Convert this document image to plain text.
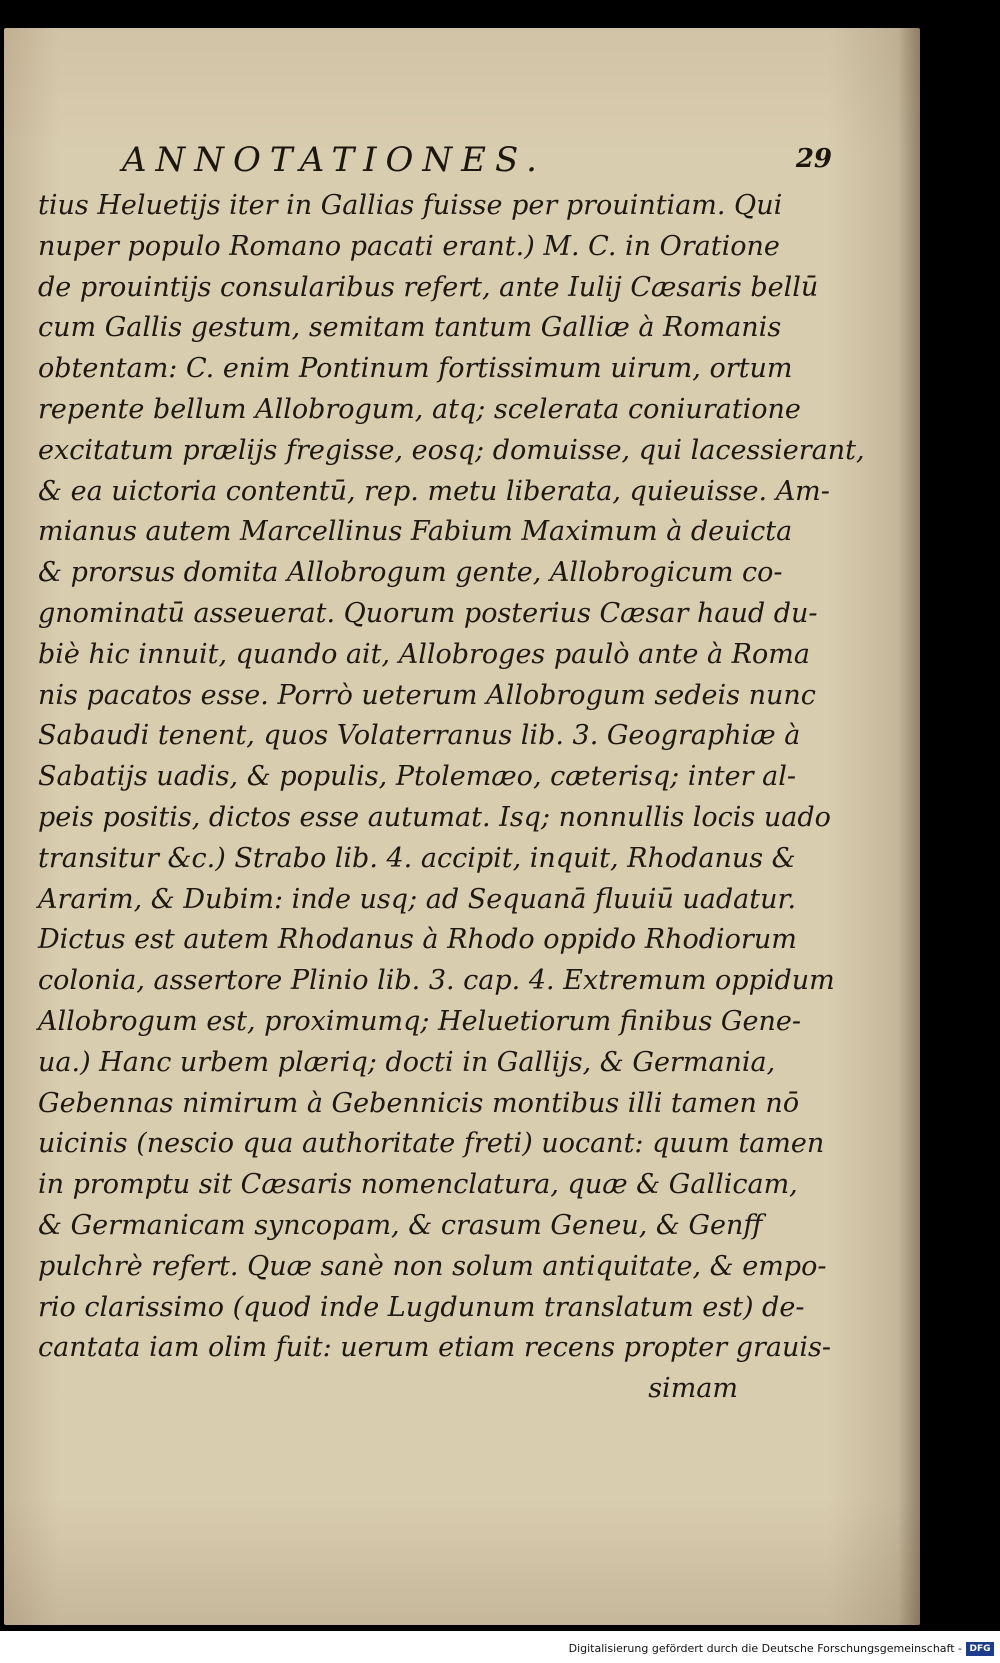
ANNOTATIONES.	29
tius Heluetijs iter in Gallias fuisse per prouintiam. Qui
nuper populo Romano pacati erant.) M. C. in Oratione
de prouintijs consularibus refert, ante Iulij Cæsaris bellū
cum Gallis gestum, semitam tantum Galliæ à Romanis
obtentam: C. enim Pontinum fortissimum uirum, ortum
repente bellum Allobrogum, atq; sceleratа coniuratione
excitatum prælijs fregisse, eosq; domuisse, qui lacessierant,
& ea uictoria contentū, rep. metu liberata, quieuisse. Am-
mianus autem Marcellinus Fabium Maximum à deuicta
& prorsus domita Allobrogum gente, Allobrogicum co-
gnominatū asseuerat. Quorum posterius Cæsar haud du-
biè hic innuit, quando ait, Allobroges paulò ante à Roma
nis pacatos esse. Porrò ueterum Allobrogum sedeis nunc
Sabaudi tenent, quos Volaterranus lib. 3. Geographiæ à
Sabatijs uadis, & populis, Ptolemæo, cæterisq; inter al-
peis positis, dictos esse autumat. Isq; nonnullis locis uado
transitur &c.) Strabo lib. 4. accipit, inquit, Rhodanus &
Ararim, & Dubim: inde usq; ad Sequanā fluuiū uadatur.
Dictus est autem Rhodanus à Rhodo oppido Rhodiorum
colonia, assertore Plinio lib. 3. cap. 4. Extremum oppidum
Allobrogum est, proximumq; Heluetiorum finibus Gene-
ua.) Hanc urbem plæriq; docti in Gallijs, & Germania,
Gebennas nimirum à Gebennicis montibus illi tamen nō
uicinis (nescio qua authoritate freti) uocant: quum tamen
in promptu sit Cæsaris nomenclatura, quæ & Gallicam,
& Germanicam syncopam, & crasum Geneu, & Genff
pulchrè refert. Quæ sanè non solum antiquitate, & empo-
rio clarissimo (quod inde Lugdunum translatum est) de-
cantata iam olim fuit: uerum etiam recens propter grauis-
simam
Digitalisierung gefördert durch die Deutsche Forschungsgemeinschaft - DFG
